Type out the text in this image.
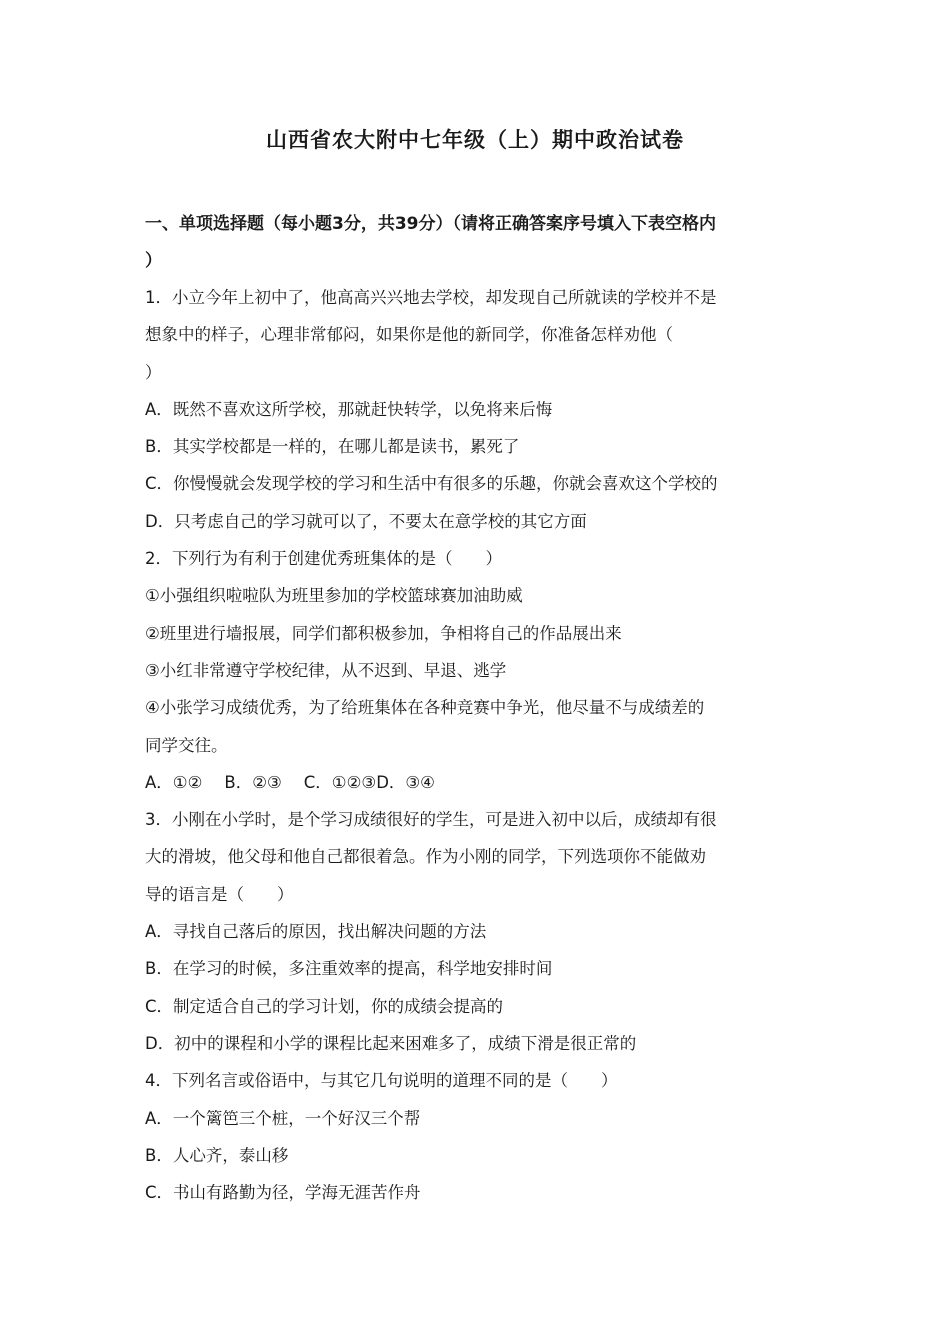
山西省农大附中七年级（上）期中政治试卷
一、单项选择题（每小题3分，共39分）（请将正确答案序号填入下表空格内
）
1．小立今年上初中了，他高高兴兴地去学校，却发现自己所就读的学校并不是
想象中的样子，心理非常郁闷，如果你是他的新同学，你准备怎样劝他（
）
A．既然不喜欢这所学校，那就赶快转学，以免将来后悔
B．其实学校都是一样的，在哪儿都是读书，累死了
C．你慢慢就会发现学校的学习和生活中有很多的乐趣，你就会喜欢这个学校的
D．只考虑自己的学习就可以了，不要太在意学校的其它方面
2．下列行为有利于创建优秀班集体的是（　　）
①小强组织啦啦队为班里参加的学校篮球赛加油助威
②班里进行墙报展，同学们都积极参加，争相将自己的作品展出来
③小红非常遵守学校纪律，从不迟到、早退、逃学
④小张学习成绩优秀，为了给班集体在各种竞赛中争光，他尽量不与成绩差的
同学交往。
A．①② B．②③ C．①②③D．③④
3．小刚在小学时，是个学习成绩很好的学生，可是进入初中以后，成绩却有很
大的滑坡，他父母和他自己都很着急。作为小刚的同学，下列选项你不能做劝
导的语言是（　　）
A．寻找自己落后的原因，找出解决问题的方法
B．在学习的时候，多注重效率的提高，科学地安排时间
C．制定适合自己的学习计划，你的成绩会提高的
D．初中的课程和小学的课程比起来困难多了，成绩下滑是很正常的
4．下列名言或俗语中，与其它几句说明的道理不同的是（　　）
A．一个篱笆三个桩，一个好汉三个帮
B．人心齐，泰山移
C．书山有路勤为径，学海无涯苦作舟
